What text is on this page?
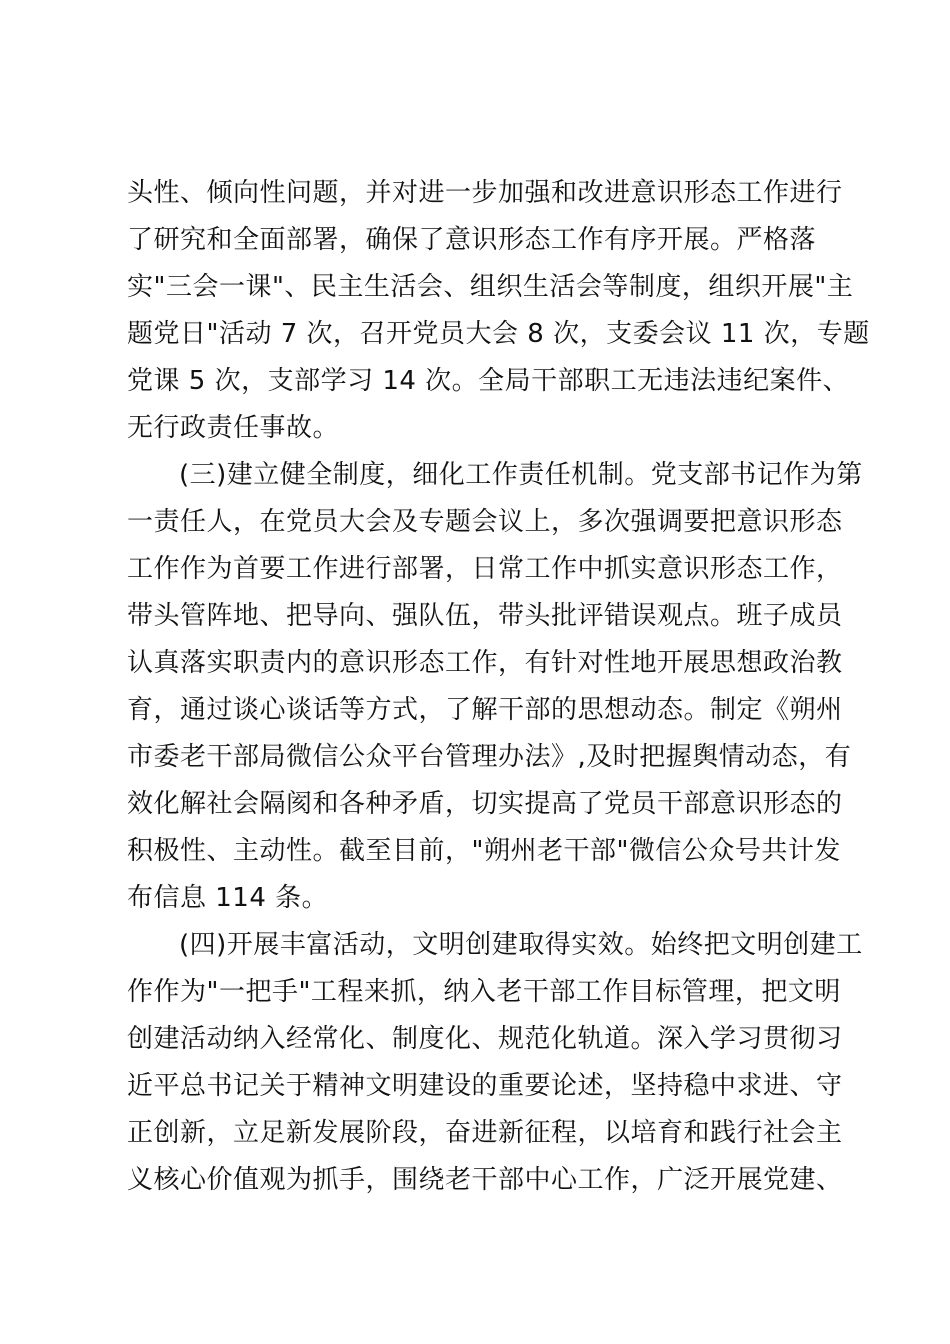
头性、倾向性问题，并对进一步加强和改进意识形态工作进行
了研究和全面部署，确保了意识形态工作有序开展。严格落
实"三会一课"、民主生活会、组织生活会等制度，组织开展"主
题党日"活动 7 次，召开党员大会 8 次，支委会议 11 次，专题
党课 5 次，支部学习 14 次。全局干部职工无违法违纪案件、
无行政责任事故。
(三)建立健全制度，细化工作责任机制。党支部书记作为第
一责任人，在党员大会及专题会议上，多次强调要把意识形态
工作作为首要工作进行部署，日常工作中抓实意识形态工作，
带头管阵地、把导向、强队伍，带头批评错误观点。班子成员
认真落实职责内的意识形态工作，有针对性地开展思想政治教
育，通过谈心谈话等方式，了解干部的思想动态。制定《朔州
市委老干部局微信公众平台管理办法》,及时把握舆情动态，有
效化解社会隔阂和各种矛盾，切实提高了党员干部意识形态的
积极性、主动性。截至目前，"朔州老干部"微信公众号共计发
布信息 114 条。
(四)开展丰富活动，文明创建取得实效。始终把文明创建工
作作为"一把手"工程来抓，纳入老干部工作目标管理，把文明
创建活动纳入经常化、制度化、规范化轨道。深入学习贯彻习
近平总书记关于精神文明建设的重要论述，坚持稳中求进、守
正创新，立足新发展阶段，奋进新征程，以培育和践行社会主
义核心价值观为抓手，围绕老干部中心工作，广泛开展党建、
